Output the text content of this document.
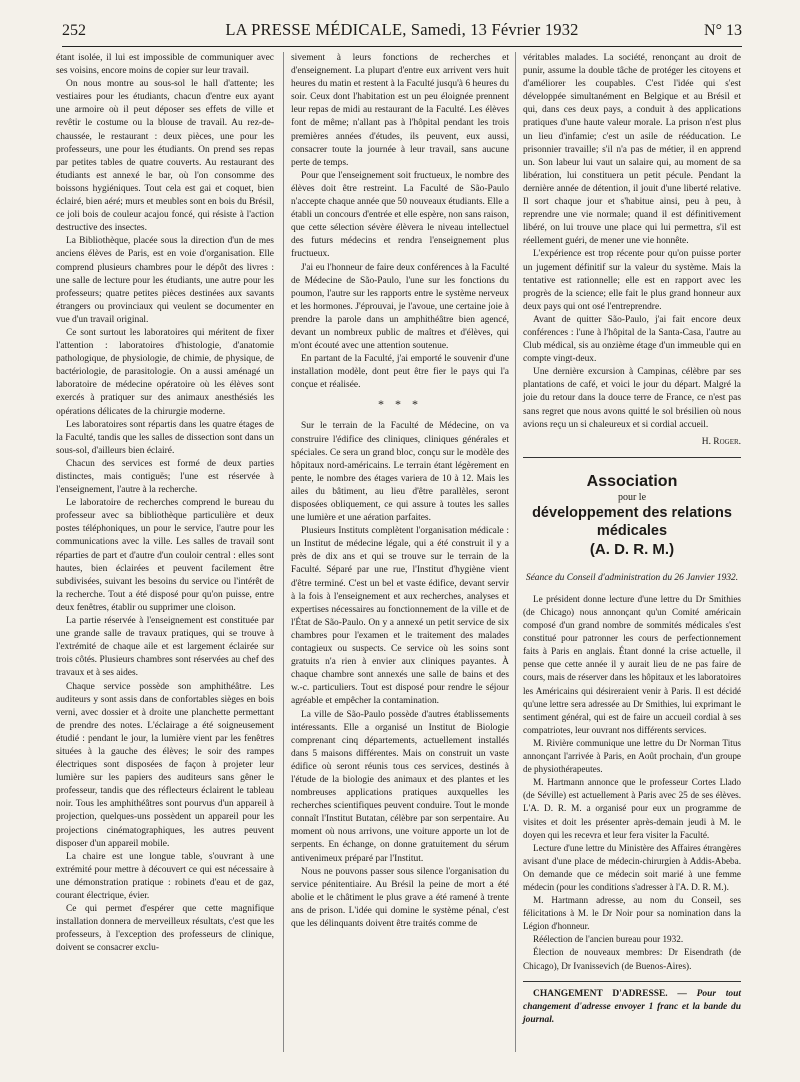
252	LA PRESSE MÉDICALE, Samedi, 13 Février 1932	N° 13

étant isolée, il lui est impossible de communiquer avec ses voisins, encore moins de copier sur leur travail.

On nous montre au sous-sol le hall d'attente; les vestiaires pour les étudiants, chacun d'entre eux ayant une armoire où il peut déposer ses effets de ville et revêtir le costume ou la blouse de travail. Au rez-de-chaussée, le restaurant : deux pièces, une pour les professeurs, une pour les étudiants. On prend ses repas par petites tables de quatre couverts. Au restaurant des étudiants est annexé le bar, où l'on consomme des boissons hygiéniques. Tout cela est gai et coquet, bien éclairé, bien aéré; murs et meubles sont en bois du Brésil, ce joli bois de couleur acajou foncé, qui résiste à l'action destructive des insectes.

La Bibliothèque, placée sous la direction d'un de mes anciens élèves de Paris, est en voie d'organisation. Elle comprend plusieurs chambres pour le dépôt des livres : une salle de lecture pour les étudiants, une autre pour les professeurs; quatre petites pièces destinées aux savants étrangers ou provinciaux qui veulent se documenter en vue d'un travail original.

Ce sont surtout les laboratoires qui méritent de fixer l'attention : laboratoires d'histologie, d'anatomie pathologique, de physiologie, de chimie, de physique, de bactériologie, de parasitologie. On a aussi aménagé un laboratoire de médecine opératoire où les élèves sont exercés à pratiquer sur des animaux anesthésiés les opérations délicates de la chirurgie moderne.

Les laboratoires sont répartis dans les quatre étages de la Faculté, tandis que les salles de dissection sont dans un sous-sol, d'ailleurs bien éclairé.

Chacun des services est formé de deux parties distinctes, mais contiguës; l'une est réservée à l'enseignement, l'autre à la recherche.

Le laboratoire de recherches comprend le bureau du professeur avec sa bibliothèque particulière et deux postes téléphoniques, un pour le service, l'autre pour les communications avec la ville. Les salles de travail sont réparties de part et d'autre d'un couloir central : elles sont hautes, bien éclairées et peuvent facilement être subdivisées, suivant les besoins du service ou l'intérêt de la recherche. Tout a été disposé pour qu'on puisse, entre deux fenêtres, établir ou supprimer une cloison.

La partie réservée à l'enseignement est constituée par une grande salle de travaux pratiques, qui se trouve à l'extrémité de chaque aile et est largement éclairée sur trois côtés. Plusieurs chambres sont réservées au chef des travaux et à ses aides.

Chaque service possède son amphithéâtre. Les auditeurs y sont assis dans de confortables sièges en bois verni, avec dossier et à droite une planchette permettant de prendre des notes. L'éclairage a été soigneusement étudié : pendant le jour, la lumière vient par les fenêtres situées à la gauche des élèves; le soir des rampes électriques sont disposées de façon à projeter leur lumière sur les papiers des auditeurs sans gêner le professeur, tandis que des réflecteurs éclairent le tableau noir. Tous les amphithéâtres sont pourvus d'un appareil à projection, quelques-uns possèdent un appareil pour les projections cinématographiques, les autres peuvent disposer d'un appareil mobile.

La chaire est une longue table, s'ouvrant à une extrémité pour mettre à découvert ce qui est nécessaire à une démonstration pratique : robinets d'eau et de gaz, courant électrique, évier.

Ce qui permet d'espérer que cette magnifique installation donnera de merveilleux résultats, c'est que les professeurs, à l'exception des professeurs de clinique, doivent se consacrer exclu-

sivement à leurs fonctions de recherches et d'enseignement. La plupart d'entre eux arrivent vers huit heures du matin et restent à la Faculté jusqu'à 6 heures du soir. Ceux dont l'habitation est un peu éloignée prennent leur repas de midi au restaurant de la Faculté. Les élèves font de même; n'allant pas à l'hôpital pendant les trois premières années d'études, ils peuvent, eux aussi, consacrer toute la journée à leur travail, sans aucune perte de temps.

Pour que l'enseignement soit fructueux, le nombre des élèves doit être restreint. La Faculté de São-Paulo n'accepte chaque année que 50 nouveaux étudiants. Elle a établi un concours d'entrée et elle espère, non sans raison, que cette sélection sévère élèvera le niveau intellectuel des futurs médecins et rendra l'enseignement plus fructueux.

J'ai eu l'honneur de faire deux conférences à la Faculté de Médecine de São-Paulo, l'une sur les fonctions du poumon, l'autre sur les rapports entre le système nerveux et les hormones. J'éprouvai, je l'avoue, une certaine joie à prendre la parole dans un amphithéâtre bien agencé, devant un nombreux public de maîtres et d'élèves, qui m'ont écouté avec une attention soutenue.

En partant de la Faculté, j'ai emporté le souvenir d'une installation modèle, dont peut être fier le pays qui l'a conçue et réalisée.

* * *

Sur le terrain de la Faculté de Médecine, on va construire l'édifice des cliniques, cliniques générales et spéciales. Ce sera un grand bloc, conçu sur le modèle des hôpitaux nord-américains. Le terrain étant légèrement en pente, le nombre des étages variera de 10 à 12. Mais les ailes du bâtiment, au lieu d'être parallèles, seront disposées obliquement, ce qui assure à toutes les salles une lumière et une aération parfaites.

Plusieurs Instituts complètent l'organisation médicale : un Institut de médecine légale, qui a été construit il y a près de dix ans et qui se trouve sur le terrain de la Faculté. Séparé par une rue, l'Institut d'hygiène vient d'être terminé. C'est un bel et vaste édifice, devant servir à la fois à l'enseignement et aux recherches, analyses et expertises nécessaires au fonctionnement de la ville et de l'État de São-Paulo. On y a annexé un petit service de six chambres pour l'examen et le traitement des malades contagieux ou suspects. Ce service où les soins sont gratuits n'a rien à envier aux cliniques payantes. À chaque chambre sont annexés une salle de bains et des w.-c. particuliers. Tout est disposé pour rendre le séjour agréable et empêcher la contamination.

La ville de São-Paulo possède d'autres établissements intéressants. Elle a organisé un Institut de Biologie comprenant cinq départements, actuellement installés dans 5 maisons différentes. Mais on construit un vaste édifice où seront réunis tous ces services, destinés à l'étude de la biologie des animaux et des plantes et les nombreuses applications pratiques auxquelles les recherches scientifiques peuvent conduire. Tout le monde connaît l'Institut Butatan, célèbre par son serpentaire. Au moment où nous arrivons, une voiture apporte un lot de serpents. En échange, on donne gratuitement du sérum antivenimeux préparé par l'Institut.

Nous ne pouvons passer sous silence l'organisation du service pénitentiaire. Au Brésil la peine de mort a été abolie et le châtiment le plus grave a été ramené à trente ans de prison. L'idée qui domine le système pénal, c'est que les délinquants doivent être traités comme de

véritables malades. La société, renonçant au droit de punir, assume la double tâche de protéger les citoyens et d'améliorer les coupables. C'est l'idée qui s'est développée simultanément en Belgique et au Brésil et qui, dans ces deux pays, a conduit à des applications pratiques d'une haute valeur morale. La prison n'est plus un lieu d'infamie; c'est un asile de rééducation. Le prisonnier travaille; s'il n'a pas de métier, il en apprend un. Son labeur lui vaut un salaire qui, au moment de sa libération, lui constituera un petit pécule. Pendant la dernière année de détention, il jouit d'une liberté relative. Il sort chaque jour et s'habitue ainsi, peu à peu, à reprendre une vie normale; quand il est définitivement libéré, on lui trouve une place qui lui permettra, s'il est réellement guéri, de mener une vie honnête.

L'expérience est trop récente pour qu'on puisse porter un jugement définitif sur la valeur du système. Mais la tentative est rationnelle; elle est en rapport avec les progrès de la science; elle fait le plus grand honneur aux deux pays qui ont osé l'entreprendre.

Avant de quitter São-Paulo, j'ai fait encore deux conférences : l'une à l'hôpital de la Santa-Casa, l'autre au Club médical, sis au onzième étage d'un immeuble qui en compte vingt-deux.

Une dernière excursion à Campinas, célèbre par ses plantations de café, et voici le jour du départ. Malgré la joie du retour dans la douce terre de France, ce n'est pas sans regret que nous avons quitté le sol brésilien où nous avions reçu un si chaleureux et si cordial accueil.

H. Roger.
Association
pour le
développement des relations médicales
(A. D. R. M.)
Séance du Conseil d'administration du 26 Janvier 1932.

Le président donne lecture d'une lettre du Dr Smithies (de Chicago) nous annonçant qu'un Comité américain composé d'un grand nombre de sommités médicales s'est constitué pour patronner les cours de perfectionnement faits à Paris en anglais. Étant donné la crise actuelle, il pense que cette année il y aurait lieu de ne pas faire de cours, mais de réserver dans les hôpitaux et les laboratoires les Américains qui désireraient venir à Paris. Il est décidé qu'une lettre sera adressée au Dr Smithies, lui exprimant le sentiment général, qui est de faire un accueil cordial à ses compatriotes, leur ouvrant nos différents services.

M. Rivière communique une lettre du Dr Norman Titus annonçant l'arrivée à Paris, en Août prochain, d'un groupe de physiothérapeutes.

M. Hartmann annonce que le professeur Cortes Llado (de Séville) est actuellement à Paris avec 25 de ses élèves. L'A. D. R. M. a organisé pour eux un programme de visites et doit les présenter après-demain jeudi à M. le doyen qui les recevra et leur fera visiter la Faculté.

Lecture d'une lettre du Ministère des Affaires étrangères avisant d'une place de médecin-chirurgien à Addis-Abeba. On demande que ce médecin soit marié à une femme médecin (pour les conditions s'adresser à l'A. D. R. M.).

M. Hartmann adresse, au nom du Conseil, ses félicitations à M. le Dr Noir pour sa nomination dans la Légion d'honneur.

Réélection de l'ancien bureau pour 1932.

Élection de nouveaux membres: Dr Eisendrath (de Chicago), Dr Ivanissevich (de Buenos-Aires).

CHANGEMENT D'ADRESSE. — Pour tout changement d'adresse envoyer 1 franc et la bande du journal.
